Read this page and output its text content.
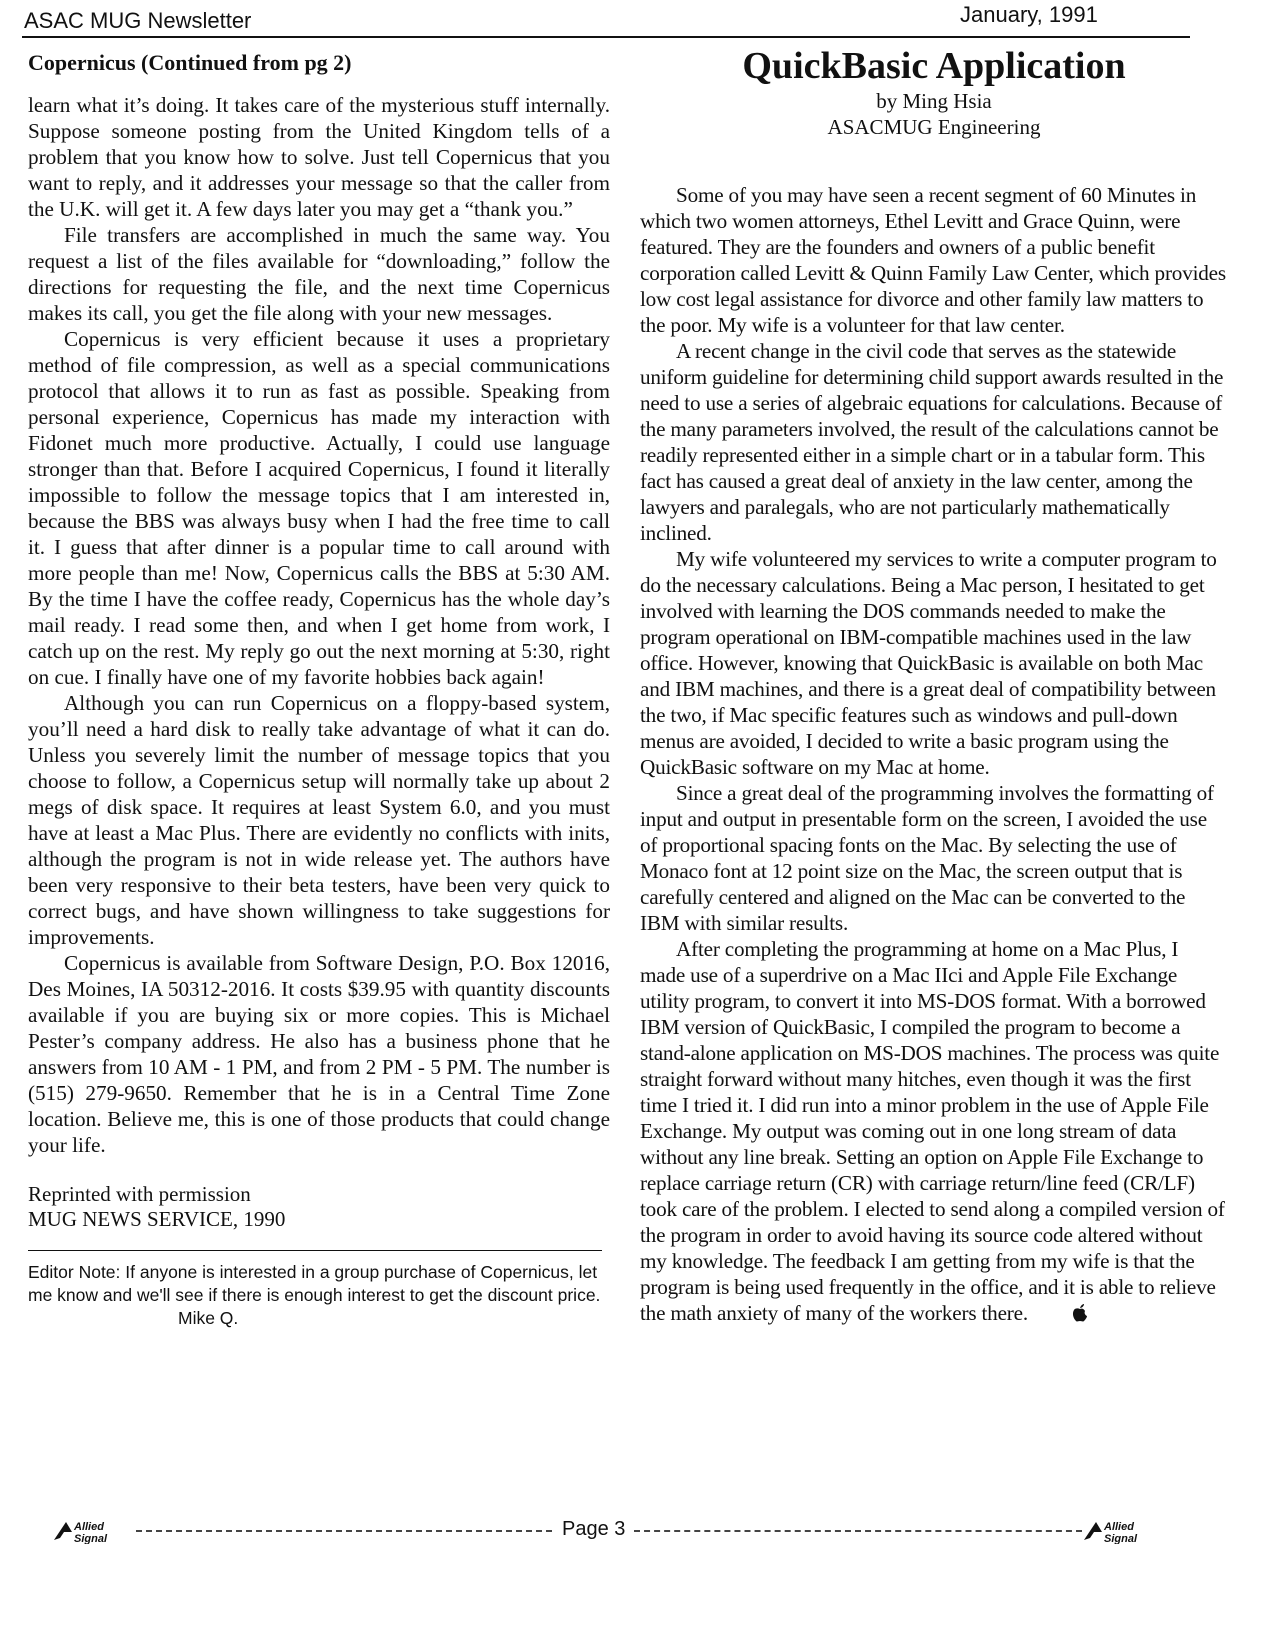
ASAC MUG Newsletter	January, 1991
Copernicus (Continued from pg 2)

learn what it’s doing. It takes care of the mysterious stuff internally. Suppose someone posting from the United Kingdom tells of a problem that you know how to solve. Just tell Copernicus that you want to reply, and it addresses your message so that the caller from the U.K. will get it. A few days later you may get a “thank you.”

File transfers are accomplished in much the same way. You request a list of the files available for “downloading,” follow the directions for requesting the file, and the next time Copernicus makes its call, you get the file along with your new messages.

Copernicus is very efficient because it uses a proprietary method of file compression, as well as a special communications protocol that allows it to run as fast as possible. Speaking from personal experience, Copernicus has made my interaction with Fidonet much more productive. Actually, I could use language stronger than that. Before I acquired Copernicus, I found it literally impossible to follow the message topics that I am interested in, because the BBS was always busy when I had the free time to call it. I guess that after dinner is a popular time to call around with more people than me! Now, Copernicus calls the BBS at 5:30 AM. By the time I have the coffee ready, Copernicus has the whole day’s mail ready. I read some then, and when I get home from work, I catch up on the rest. My reply go out the next morning at 5:30, right on cue. I finally have one of my favorite hobbies back again!

Although you can run Copernicus on a floppy-based system, you’ll need a hard disk to really take advantage of what it can do. Unless you severely limit the number of message topics that you choose to follow, a Copernicus setup will normally take up about 2 megs of disk space. It requires at least System 6.0, and you must have at least a Mac Plus. There are evidently no conflicts with inits, although the program is not in wide release yet. The authors have been very responsive to their beta testers, have been very quick to correct bugs, and have shown willingness to take suggestions for improvements.

Copernicus is available from Software Design, P.O. Box 12016, Des Moines, IA 50312-2016. It costs $39.95 with quantity discounts available if you are buying six or more copies. This is Michael Pester’s company address. He also has a business phone that he answers from 10 AM - 1 PM, and from 2 PM - 5 PM. The number is (515) 279-9650. Remember that he is in a Central Time Zone location. Believe me, this is one of those products that could change your life.

Reprinted with permission
MUG NEWS SERVICE, 1990
Editor Note: If anyone is interested in a group purchase of Copernicus, let me know and we'll see if there is enough interest to get the discount price. Mike Q.
QuickBasic Application
by Ming Hsia
ASACMUG Engineering

Some of you may have seen a recent segment of 60 Minutes in which two women attorneys, Ethel Levitt and Grace Quinn, were featured. They are the founders and owners of a public benefit corporation called Levitt & Quinn Family Law Center, which provides low cost legal assistance for divorce and other family law matters to the poor. My wife is a volunteer for that law center.

A recent change in the civil code that serves as the statewide uniform guideline for determining child support awards resulted in the need to use a series of algebraic equations for calculations. Because of the many parameters involved, the result of the calculations cannot be readily represented either in a simple chart or in a tabular form. This fact has caused a great deal of anxiety in the law center, among the lawyers and paralegals, who are not particularly mathematically inclined.

My wife volunteered my services to write a computer program to do the necessary calculations. Being a Mac person, I hesitated to get involved with learning the DOS commands needed to make the program operational on IBM-compatible machines used in the law office. However, knowing that QuickBasic is available on both Mac and IBM machines, and there is a great deal of compatibility between the two, if Mac specific features such as windows and pull-down menus are avoided, I decided to write a basic program using the QuickBasic software on my Mac at home.

Since a great deal of the programming involves the formatting of input and output in presentable form on the screen, I avoided the use of proportional spacing fonts on the Mac. By selecting the use of Monaco font at 12 point size on the Mac, the screen output that is carefully centered and aligned on the Mac can be converted to the IBM with similar results.

After completing the programming at home on a Mac Plus, I made use of a superdrive on a Mac IIci and Apple File Exchange utility program, to convert it into MS-DOS format. With a borrowed IBM version of QuickBasic, I compiled the program to become a stand-alone application on MS-DOS machines. The process was quite straight forward without many hitches, even though it was the first time I tried it. I did run into a minor problem in the use of Apple File Exchange. My output was coming out in one long stream of data without any line break. Setting an option on Apple File Exchange to replace carriage return (CR) with carriage return/line feed (CR/LF) took care of the problem. I elected to send along a compiled version of the program in order to avoid having its source code altered without my knowledge. The feedback I am getting from my wife is that the program is being used frequently in the office, and it is able to relieve the math anxiety of many of the workers there.

Allied
Signal	Page 3	Allied
Signal
